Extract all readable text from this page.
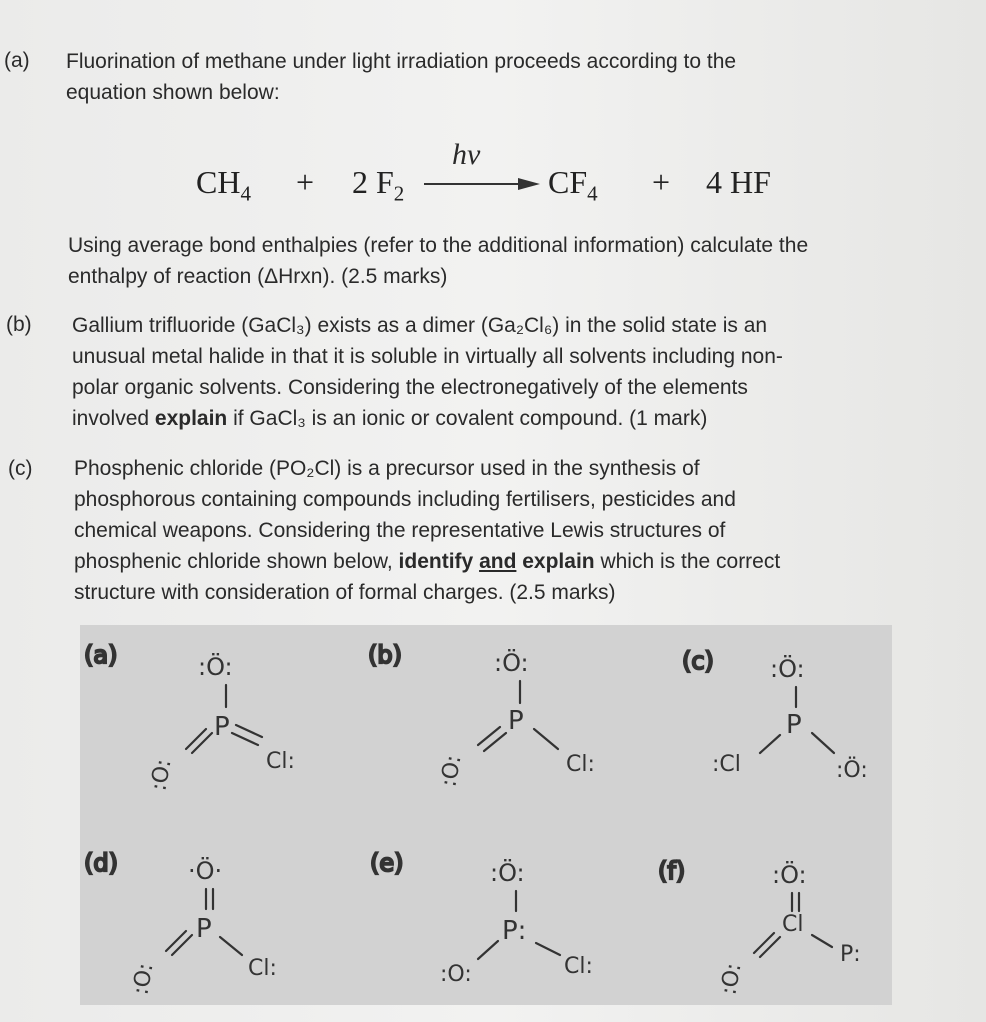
(a) Fluorination of methane under light irradiation proceeds according to the
equation shown below:
$CH_4 + 2$ $F_2$
hv
$CF_4 + 4$ HF
Using average bond enthalpies (refer to the additional information) calculate the
enthalpy of reaction (ΔHrxn). (2.5 marks)
(b) Gallium trifluoride (GaCl₃) exists as a dimer (Ga₂Cl₆) in the solid state is an
unusual metal halide in that it is soluble in virtually all solvents including non-
polar organic solvents. Considering the electronegatively of the elements
involved explain if GaCl₃ is an ionic or covalent compound. (1 mark)
(c) Phosphenic chloride (PO₂Cl) is a precursor used in the synthesis of
phosphorous containing compounds including fertilisers, pesticides and
chemical weapons. Considering the representative Lewis structures of
phosphenic chloride shown below, identify and explain which is the correct
structure with consideration of formal charges. (2.5 marks)
(a)	:Ö:
P
Cl:
:O:
(b)	:Ö:
P
Cl:
:O:
(c) :Ö:
P
:Cl	:Ö:
(d)	·Ö·
P
Cl:
:O:
(e)	:Ö:
P:
Cl:
:O:
(f)	:Ö:
Cl
P:
:O:
